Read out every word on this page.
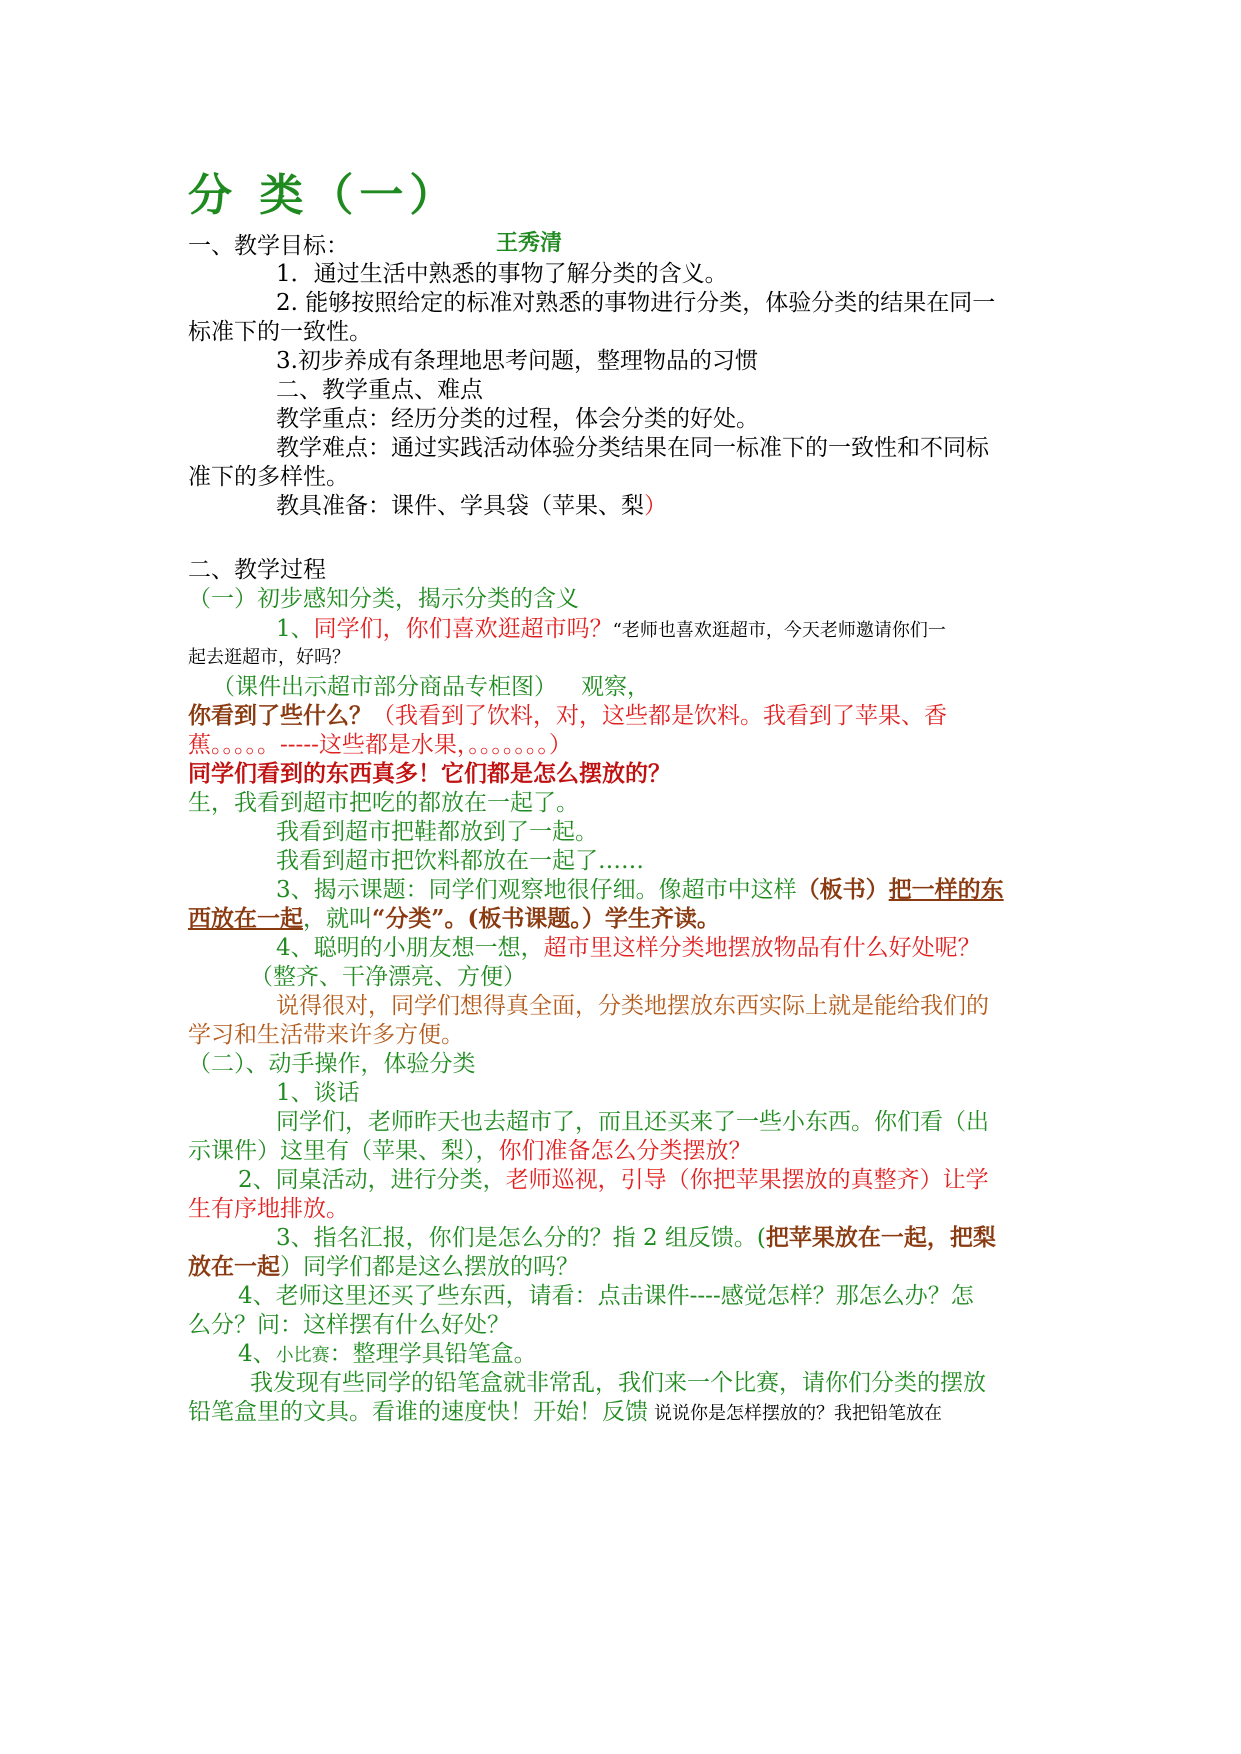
分 类（一）
王秀清
一、教学目标：
1．通过生活中熟悉的事物了解分类的含义。
2. 能够按照给定的标准对熟悉的事物进行分类，体验分类的结果在同一
标准下的一致性。
3.初步养成有条理地思考问题，整理物品的习惯
二、教学重点、难点
教学重点：经历分类的过程，体会分类的好处。
教学难点：通过实践活动体验分类结果在同一标准下的一致性和不同标
准下的多样性。
教具准备：课件、学具袋（苹果、梨）
二、教学过程
（一）初步感知分类，揭示分类的含义
1、同学们，你们喜欢逛超市吗？“老师也喜欢逛超市，今天老师邀请你们一
起去逛超市，好吗？
（课件出示超市部分商品专柜图） 观察，
你看到了些什么？（我看到了饮料，对，这些都是饮料。我看到了苹果、香
蕉。。。。。-----这些都是水果，。。。。。。。）
同学们看到的东西真多！它们都是怎么摆放的？
生，我看到超市把吃的都放在一起了。
我看到超市把鞋都放到了一起。
我看到超市把饮料都放在一起了……
3、揭示课题：同学们观察地很仔细。像超市中这样（板书）把一样的东
西放在一起，就叫“分类”。(板书课题。）学生齐读。
4、聪明的小朋友想一想，超市里这样分类地摆放物品有什么好处呢？
（整齐、干净漂亮、方便）
说得很对，同学们想得真全面，分类地摆放东西实际上就是能给我们的
学习和生活带来许多方便。
（二）、动手操作，体验分类
1、谈话
同学们，老师昨天也去超市了，而且还买来了一些小东西。你们看（出
示课件）这里有（苹果、梨），你们准备怎么分类摆放？
2、同桌活动，进行分类，老师巡视，引导（你把苹果摆放的真整齐）让学
生有序地排放。
3、指名汇报，你们是怎么分的？指 2 组反馈。(把苹果放在一起，把梨
放在一起）同学们都是这么摆放的吗？
4、老师这里还买了些东西，请看：点击课件----感觉怎样？那怎么办？怎
么分？问：这样摆有什么好处？
4、小比赛：整理学具铅笔盒。
我发现有些同学的铅笔盒就非常乱，我们来一个比赛，请你们分类的摆放
铅笔盒里的文具。看谁的速度快！开始！反馈 说说你是怎样摆放的？我把铅笔放在
